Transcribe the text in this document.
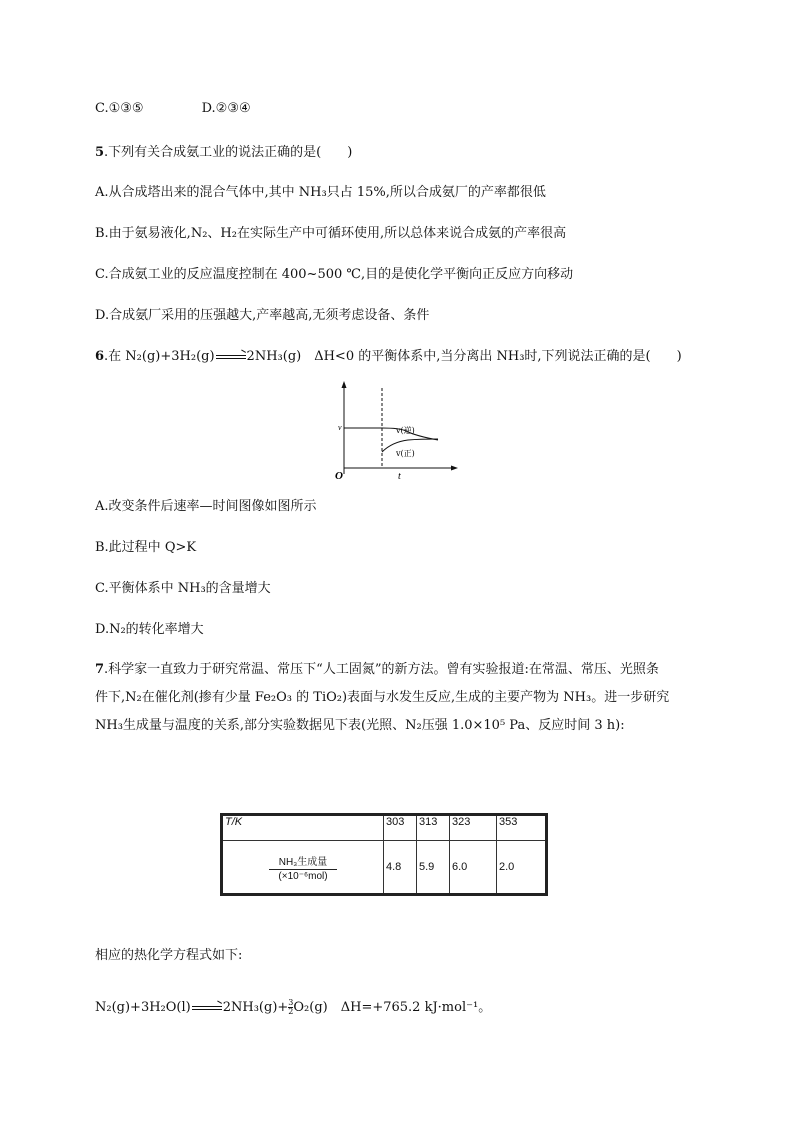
C.①③⑤	D.②③④
5.下列有关合成氨工业的说法正确的是(　　)
A.从合成塔出来的混合气体中,其中 NH₃只占 15%,所以合成氨厂的产率都很低
B.由于氨易液化,N₂、H₂在实际生产中可循环使用,所以总体来说合成氨的产率很高
C.合成氨工业的反应温度控制在 400~500 ℃,目的是使化学平衡向正反应方向移动
D.合成氨厂采用的压强越大,产率越高,无须考虑设备、条件
6.在 N₂(g)+3H₂(g)→2NH₃(g)　ΔH<0 的平衡体系中,当分离出 NH₃时,下列说法正确的是(　　)
v
O	t
v(逆)
v(正)
A.改变条件后速率—时间图像如图所示
B.此过程中 Q>K
C.平衡体系中 NH₃的含量增大
D.N₂的转化率增大
7.科学家一直致力于研究常温、常压下“人工固氮”的新方法。曾有实验报道:在常温、常压、光照条
件下,N₂在催化剂(掺有少量 Fe₂O₃ 的 TiO₂)表面与水发生反应,生成的主要产物为 NH₃。进一步研究
NH₃生成量与温度的关系,部分实验数据见下表(光照、N₂压强 1.0×10⁵ Pa、反应时间 3 h):
T/K	303	313	323	353

$\frac{\text{NH₃生成量}}{\text{(×10⁻⁶mol)}}$	4.8	5.9	6.0	2.0
相应的热化学方程式如下:
$N_2(g)+3H_2O(l)\to 2NH_3(g)+ \frac{3}{2} O_2(g)$　ΔH=+765.2 kJ·mol⁻¹。
